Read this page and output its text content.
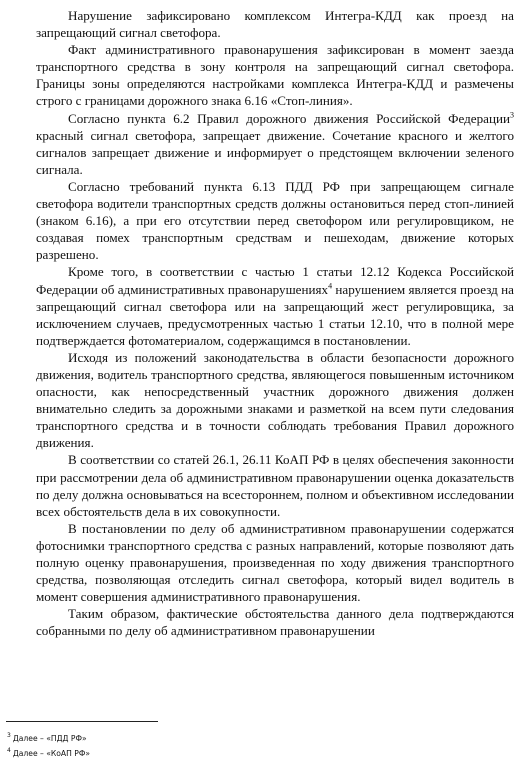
Нарушение зафиксировано комплексом Интегра-КДД как проезд на запрещающий сигнал светофора.

Факт административного правонарушения зафиксирован в момент заезда транспортного средства в зону контроля на запрещающий сигнал светофора. Границы зоны определяются настройками комплекса Интегра-КДД и размечены строго с границами дорожного знака 6.16 «Стоп-линия».

Согласно пункта 6.2 Правил дорожного движения Российской Федерации$^3$ красный сигнал светофора, запрещает движение. Сочетание красного и желтого сигналов запрещает движение и информирует о предстоящем включении зеленого сигнала.

Согласно требований пункта 6.13 ПДД РФ при запрещающем сигнале светофора водители транспортных средств должны остановиться перед стоп-линией (знаком 6.16), а при его отсутствии перед светофором или регулировщиком, не создавая помех транспортным средствам и пешеходам, движение которых разрешено.

Кроме того, в соответствии с частью 1 статьи 12.12 Кодекса Российской Федерации об административных правонарушениях$^4$ нарушением является проезд на запрещающий сигнал светофора или на запрещающий жест регулировщика, за исключением случаев, предусмотренных частью 1 статьи 12.10, что в полной мере подтверждается фотоматериалом, содержащимся в постановлении.

Исходя из положений законодательства в области безопасности дорожного движения, водитель транспортного средства, являющегося повышенным источником опасности, как непосредственный участник дорожного движения должен внимательно следить за дорожными знаками и разметкой на всем пути следования транспортного средства и в точности соблюдать требования Правил дорожного движения.

В соответствии со статей 26.1, 26.11 КоАП РФ в целях обеспечения законности при рассмотрении дела об административном правонарушении оценка доказательств по делу должна основываться на всестороннем, полном и объективном исследовании всех обстоятельств дела в их совокупности.

В постановлении по делу об административном правонарушении содержатся фотоснимки транспортного средства с разных направлений, которые позволяют дать полную оценку правонарушения, произведенная по ходу движения транспортного средства, позволяющая отследить сигнал светофора, который видел водитель в момент совершения административного правонарушения.

Таким образом, фактические обстоятельства данного дела подтверждаются собранными по делу об административном правонарушении

$^3$ Далее – «ПДД РФ»
$^4$ Далее – «КоАП РФ»
